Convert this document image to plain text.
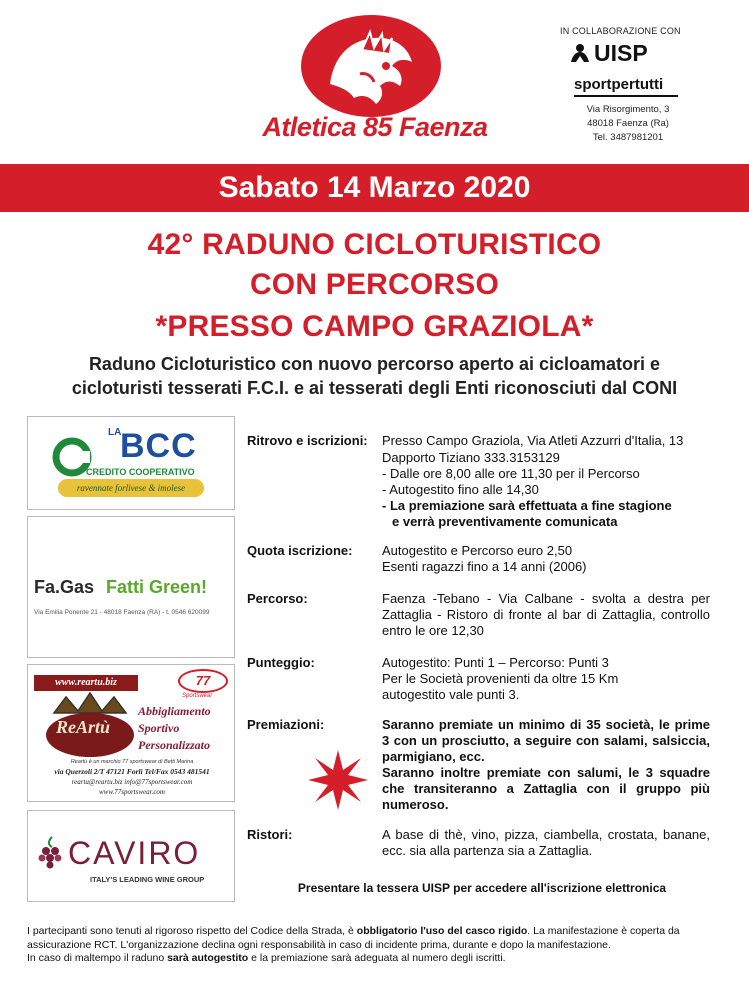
Atletica 85 Faenza
IN COLLABORAZIONE CON
UISP
sportpertutti
Via Risorgimento, 3
48018 Faenza (Ra)
Tel. 3487981201
Sabato 14 Marzo 2020
42° RADUNO CICLOTURISTICO
CON PERCORSO
*PRESSO CAMPO GRAZIOLA*
Raduno Cicloturistico con nuovo percorso aperto ai cicloamatori e
cicloturisti tesserati F.C.I. e ai tesserati degli Enti riconosciuti dal CONI
LA
BCC
CREDITO COOPERATIVO
ravennate forlivese & imolese
Fa.Gas Fatti Green!
Via Emilia Ponente 21 - 48018 Faenza (RA) - t. 0546 620099
www.reartu.biz	77
Sportswear
ReArtù
Abbigliamento
Sportivo
Personalizzato
Reartù è un marchio 77 sportswear di Betti Marina
via Querzoli 2/T 47121 Forlì Tel/Fax 0543 481541
reartu@reartu.biz info@77sportswear.com
www.77sportswear.com
CAVIRO
ITALY'S LEADING WINE GROUP
Ritrovo e iscrizioni: Presso Campo Graziola, Via Atleti Azzurri d'Italia, 13
Dapporto Tiziano 333.3153129
- Dalle ore 8,00 alle ore 11,30 per il Percorso
- Autogestito fino alle 14,30
- La premiazione sarà effettuata a fine stagione
e verrà preventivamente comunicata
Quota iscrizione: Autogestito e Percorso euro 2,50
Esenti ragazzi fino a 14 anni (2006)
Percorso:	Faenza -Tebano - Via Calbane - svolta a destra per Zattaglia - Ristoro di fronte al bar di Zattaglia, controllo entro le ore 12,30
Punteggio:	Autogestito: Punti 1 – Percorso: Punti 3
Per le Società provenienti da oltre 15 Km
autogestito vale punti 3.
Premiazioni:	Saranno premiate un minimo di 35 società, le prime 3 con un prosciutto, a seguire con salami, salsiccia, parmigiano, ecc.
Saranno inoltre premiate con salumi, le 3 squadre che transiteranno a Zattaglia con il gruppo più numeroso.
Ristori:	A base di thè, vino, pizza, ciambella, crostata, banane, ecc. sia alla partenza sia a Zattaglia.
Presentare la tessera UISP per accedere all'iscrizione elettronica

I partecipanti sono tenuti al rigoroso rispetto del Codice della Strada, è obbligatorio l'uso del casco rigido. La manifestazione è coperta da assicurazione RCT. L'organizzazione declina ogni responsabilità in caso di incidente prima, durante e dopo la manifestazione.

In caso di maltempo il raduno sarà autogestito e la premiazione sarà adeguata al numero degli iscritti.
